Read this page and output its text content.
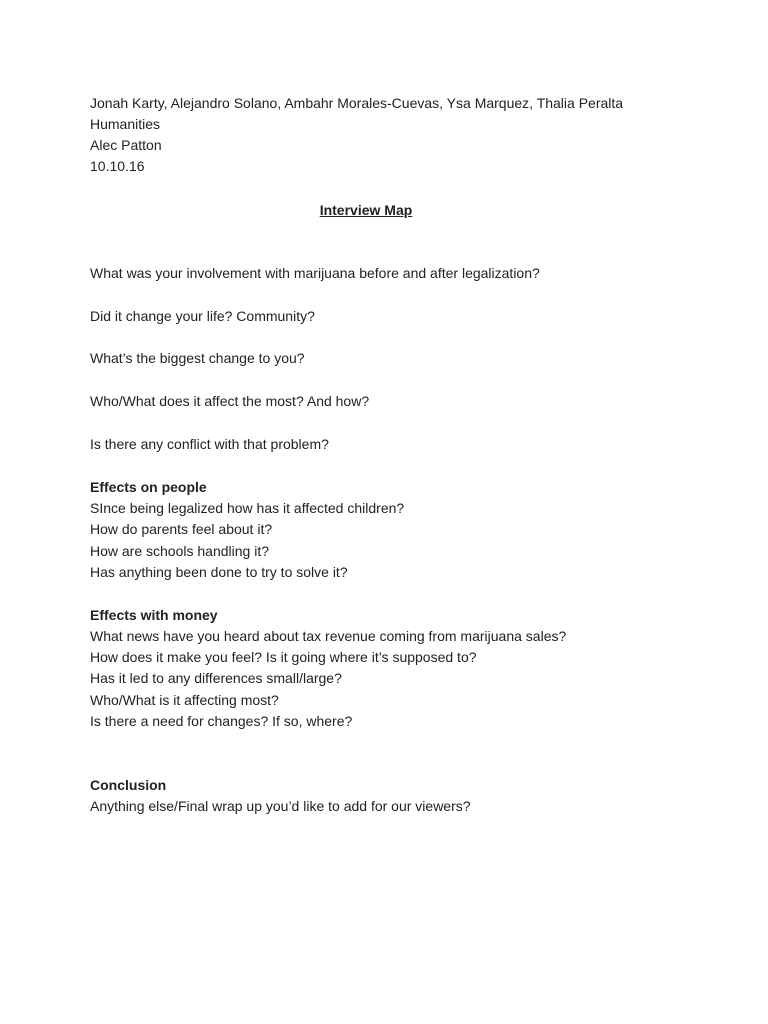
Jonah Karty, Alejandro Solano, Ambahr Morales-Cuevas, Ysa Marquez, Thalia Peralta
Humanities
Alec Patton
10.10.16
Interview Map
What was your involvement with marijuana before and after legalization?
Did it change your life? Community?
What’s the biggest change to you?
Who/What does it affect the most? And how?
Is there any conflict with that problem?
Effects on people
SInce being legalized how has it affected children?
How do parents feel about it?
How are schools handling it?
Has anything been done to try to solve it?
Effects with money
What news have you heard about tax revenue coming from marijuana sales?
How does it make you feel? Is it going where it’s supposed to?
Has it led to any differences small/large?
Who/What is it affecting most?
Is there a need for changes? If so, where?
Conclusion
Anything else/Final wrap up you’d like to add for our viewers?
